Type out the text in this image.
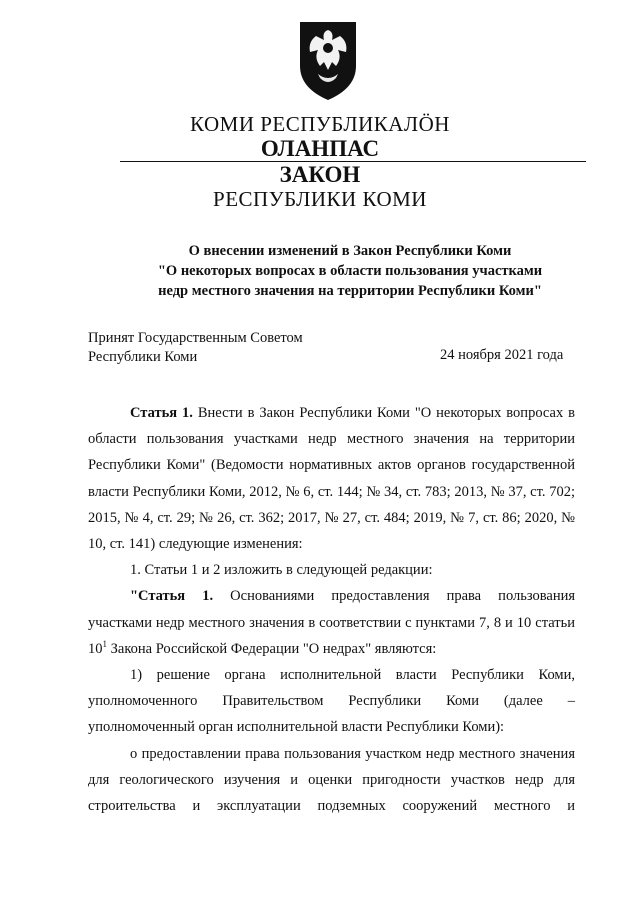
КОМИ РЕСПУБЛИКАЛӦН
ОЛАНПАС
ЗАКОН
РЕСПУБЛИКИ КОМИ
О внесении изменений в Закон Республики Коми
"О некоторых вопросах в области пользования участками
недр местного значения на территории Республики Коми"
Принят Государственным Советом
Республики Коми	24 ноября 2021 года
Статья 1. Внести в Закон Республики Коми "О некоторых вопросах в области пользования участками недр местного значения на территории Республики Коми" (Ведомости нормативных актов органов государственной власти Республики Коми, 2012, № 6, ст. 144; № 34, ст. 783; 2013, № 37, ст. 702; 2015, № 4, ст. 29; № 26, ст. 362; 2017, № 27, ст. 484; 2019, № 7, ст. 86; 2020, № 10, ст. 141) следующие изменения:
1. Статьи 1 и 2 изложить в следующей редакции:
"Статья 1. Основаниями предоставления права пользования участками недр местного значения в соответствии с пунктами 7, 8 и 10 статьи $10^1$ Закона Российской Федерации "О недрах" являются:
1) решение органа исполнительной власти Республики Коми, уполномоченного Правительством Республики Коми (далее – уполномоченный орган исполнительной власти Республики Коми):
о предоставлении права пользования участком недр местного значения для геологического изучения и оценки пригодности участков недр для строительства и эксплуатации подземных сооружений местного и
